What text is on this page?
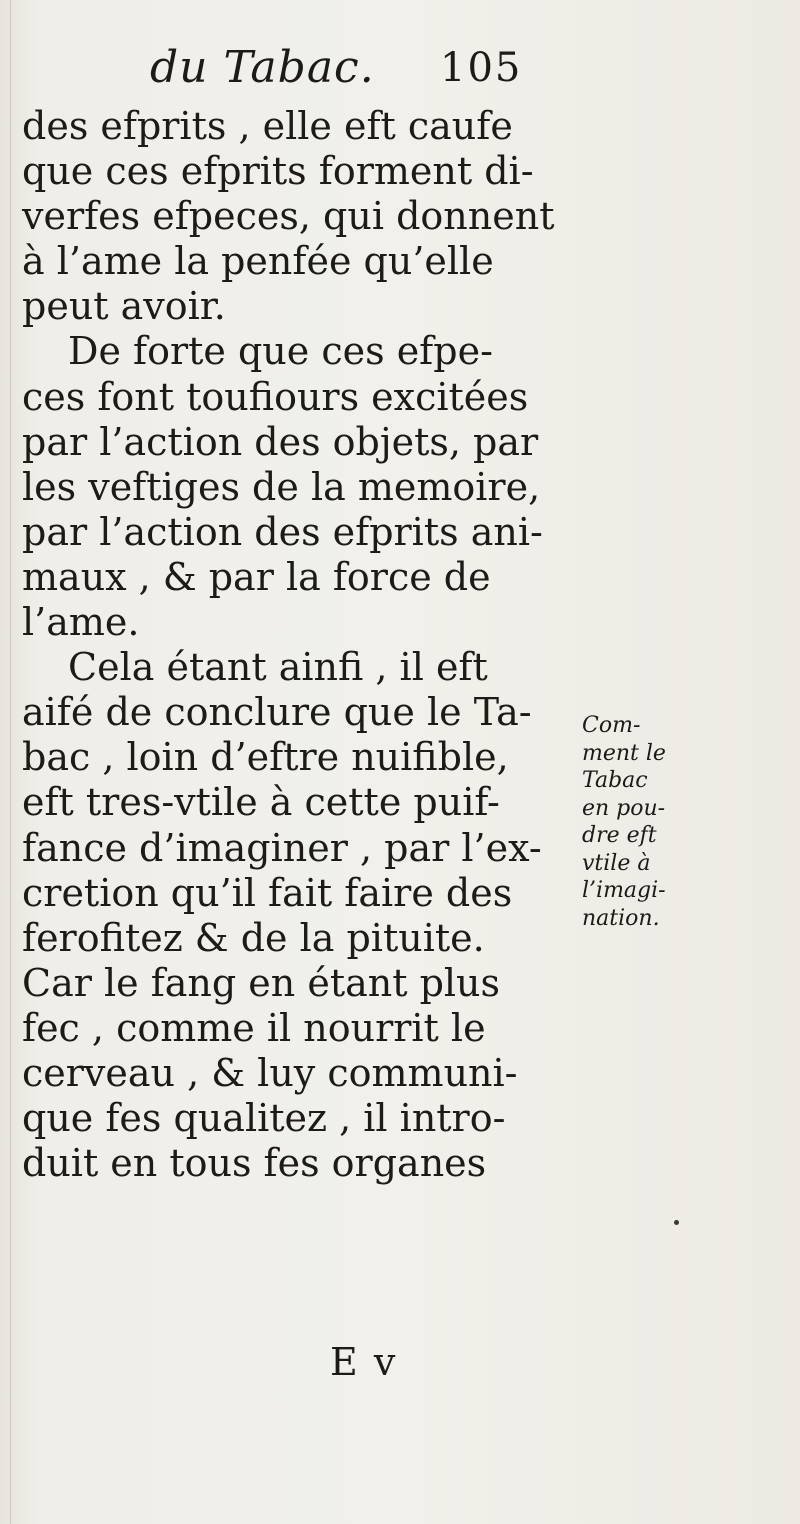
du Tabac. 105
des efprits , elle eft caufe
que ces efprits forment di-
verfes efpeces, qui donnent
à l’ame la penfée qu’elle
peut avoir.
De forte que ces efpe-
ces font toufiours excitées
par l’action des objets, par
les veftiges de la memoire,
par l’action des efprits ani-
maux , & par la force de
l’ame.
Cela étant ainfi , il eft
aifé de conclure que le Ta-
bac , loin d’eftre nuifible,
eft tres-vtile à cette puif-
fance d’imaginer , par l’ex-
cretion qu’il fait faire des
ferofitez & de la pituite.
Car le fang en étant plus
fec , comme il nourrit le
cerveau , & luy communi-
que fes qualitez , il intro-
duit en tous fes organes
E v
Com-
ment le
Tabac
en pou-
dre eft
vtile à
l’imagi-
nation.
